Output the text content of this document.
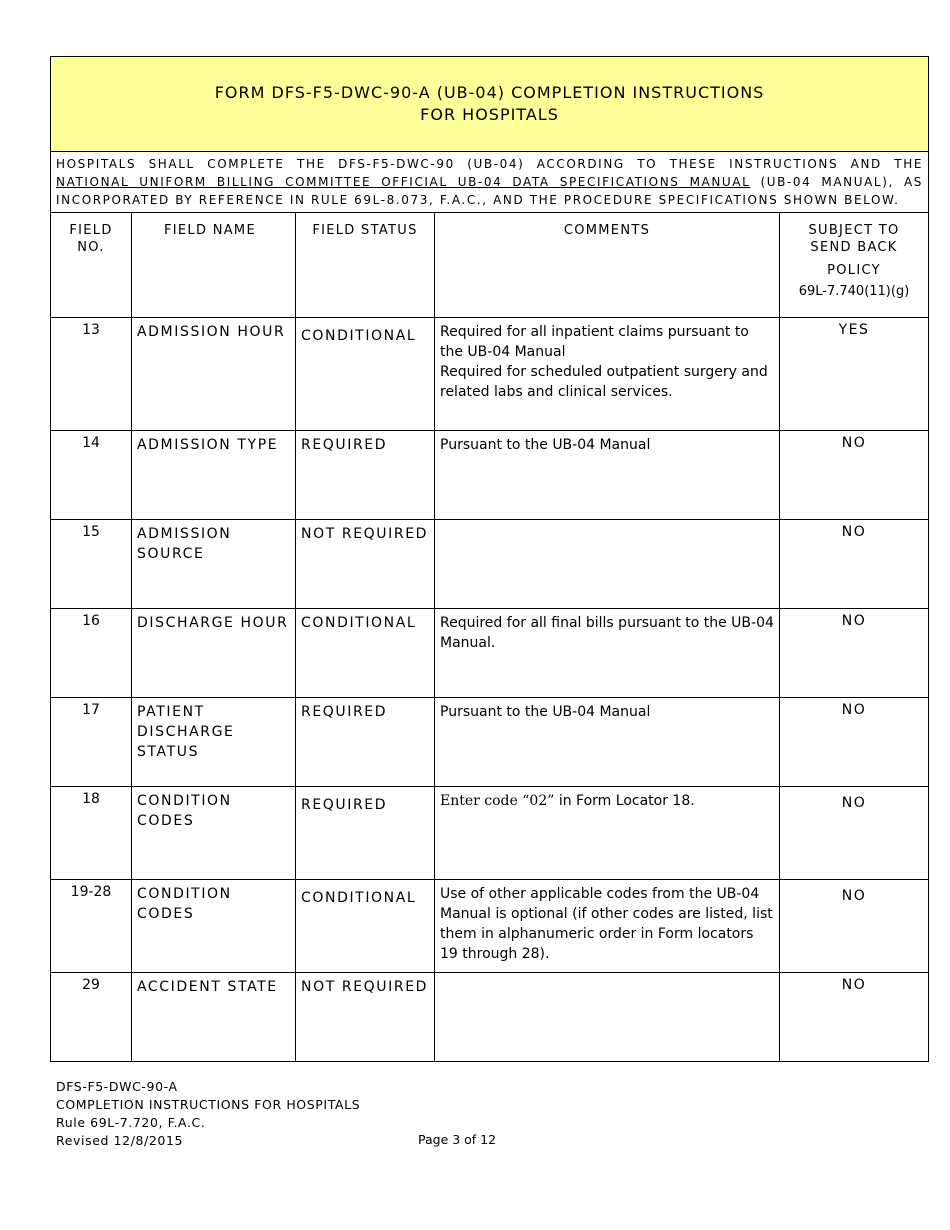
FORM DFS-F5-DWC-90-A (UB-04) COMPLETION INSTRUCTIONS
FOR HOSPITALS				

HOSPITALS SHALL COMPLETE THE DFS-F5-DWC-90 (UB-04) ACCORDING TO THESE INSTRUCTIONS AND THE NATIONAL UNIFORM BILLING COMMITTEE OFFICIAL UB-04 DATA SPECIFICATIONS MANUAL (UB-04 MANUAL), AS INCORPORATED BY REFERENCE IN RULE 69L-8.073, F.A.C., AND THE PROCEDURE SPECIFICATIONS SHOWN BELOW.				
FIELD NO.	FIELD NAME	FIELD STATUS	COMMENTS	SUBJECT TO SEND BACK
POLICY
69L-7.740(11)(g)

13	ADMISSION HOUR	CONDITIONAL	Required for all inpatient claims pursuant to the UB-04 Manual
Required for scheduled outpatient surgery and related labs and clinical services.	YES
14	ADMISSION TYPE	REQUIRED	Pursuant to the UB-04 Manual	NO
15	ADMISSION SOURCE	NOT REQUIRED		NO
16	DISCHARGE HOUR	CONDITIONAL	Required for all final bills pursuant to the UB-04 Manual.	NO
17	PATIENT DISCHARGE STATUS	REQUIRED	Pursuant to the UB-04 Manual	NO
18	CONDITION CODES	REQUIRED	Enter code “02” in Form Locator 18.	NO
19-28	CONDITION CODES	CONDITIONAL	Use of other applicable codes from the UB-04 Manual is optional (if other codes are listed, list them in alphanumeric order in Form locators 19 through 28).	NO
29	ACCIDENT STATE	NOT REQUIRED		NO
DFS-F5-DWC-90-A
COMPLETION INSTRUCTIONS FOR HOSPITALS
Rule 69L-7.720, F.A.C.
Revised 12/8/2015	Page 3 of 12
